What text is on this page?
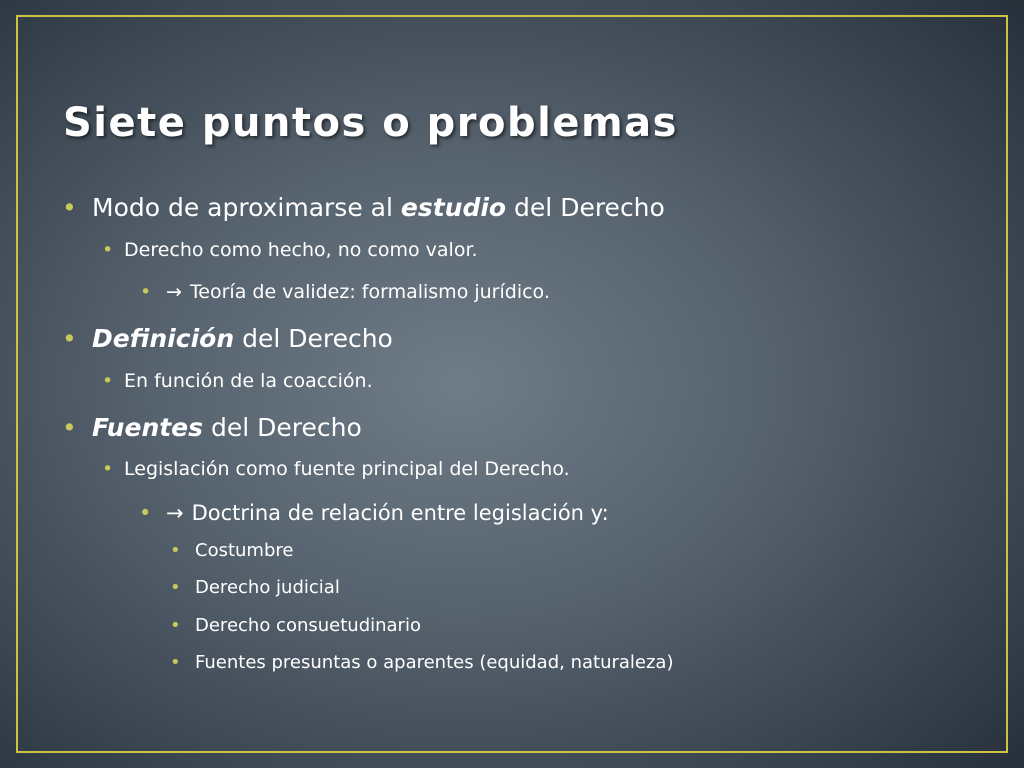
Siete puntos o problemas
• Modo de aproximarse al estudio del Derecho
• Derecho como hecho, no como valor.
• → Teoría de validez: formalismo jurídico.
• Definición del Derecho
• En función de la coacción.
• Fuentes del Derecho
• Legislación como fuente principal del Derecho.
• → Doctrina de relación entre legislación y:
• Costumbre
• Derecho judicial
• Derecho consuetudinario
• Fuentes presuntas o aparentes (equidad, naturaleza)
